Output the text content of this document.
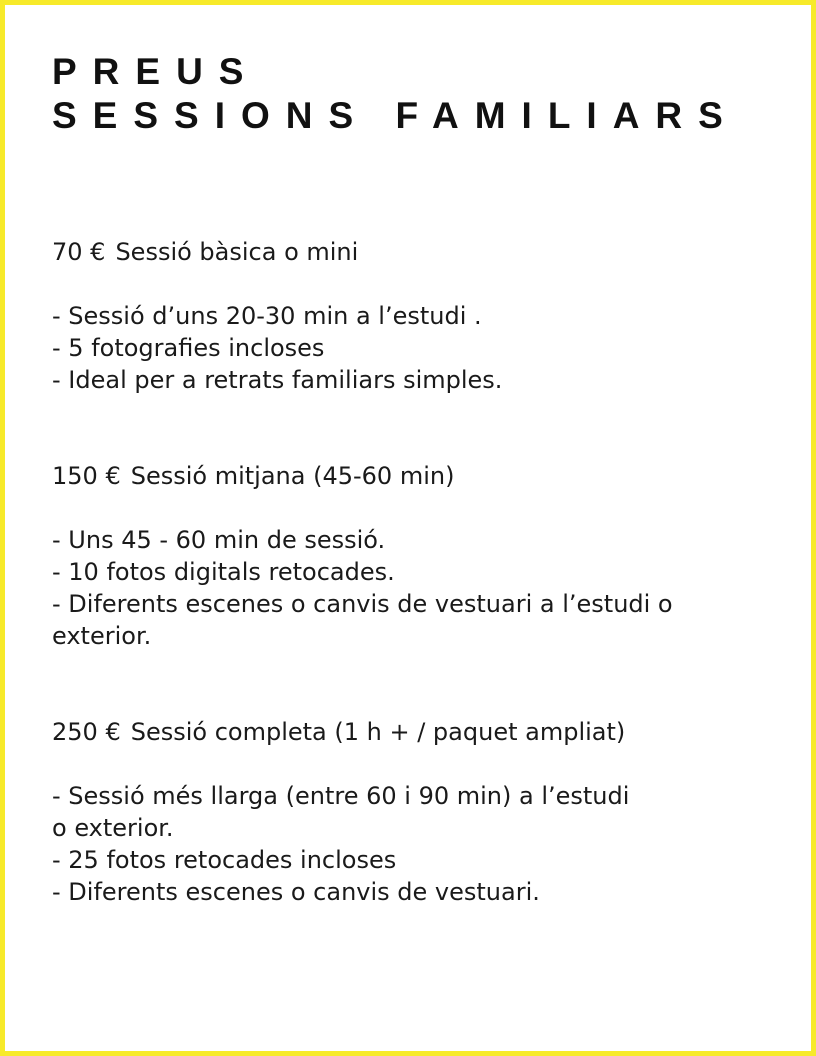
PREUS
SESSIONS FAMILIARS
70 € Sessió bàsica o mini
- Sessió d’uns 20-30 min a l’estudi .
- 5 fotografies incloses
- Ideal per a retrats familiars simples.
150 € Sessió mitjana (45-60 min)
- Uns 45 - 60 min de sessió.
- 10 fotos digitals retocades.
- Diferents escenes o canvis de vestuari a l’estudi o
exterior.
250 € Sessió completa (1 h + / paquet ampliat)
- Sessió més llarga (entre 60 i 90 min) a l’estudi
o exterior.
- 25 fotos retocades incloses
- Diferents escenes o canvis de vestuari.
